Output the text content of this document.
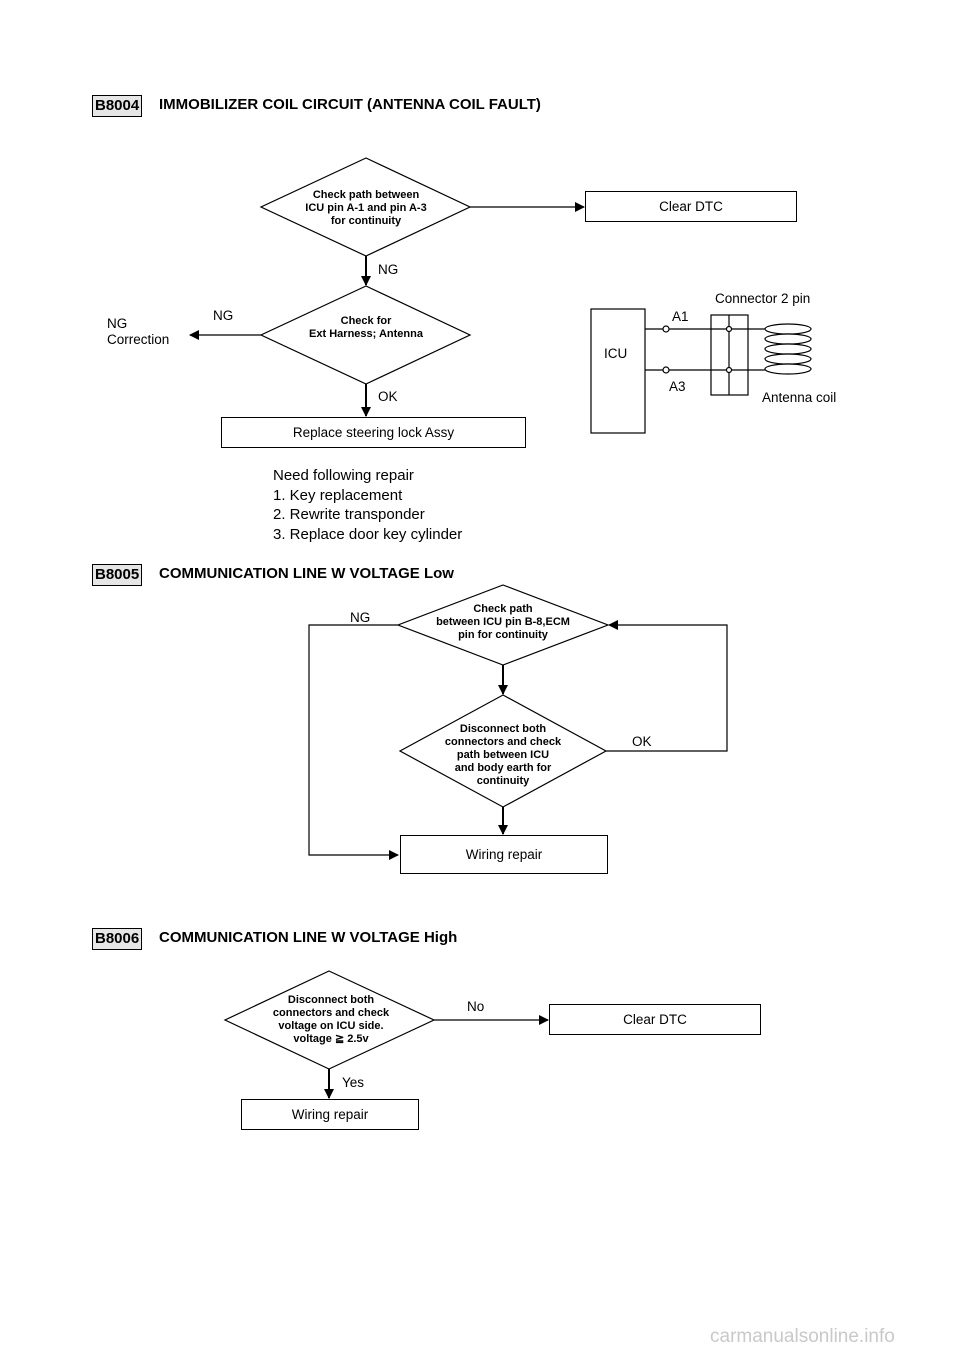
B8004 IMMOBILIZER COIL CIRCUIT (ANTENNA COIL FAULT)
Check path between
ICU pin A-1 and pin A-3
for continuity
Clear DTC
NG
Check for
Ext Harness; Antenna
NG
NG
Correction
OK
Replace steering lock Assy
Connector 2 pin
ICU
A1
A3
Antenna coil
Need following repair
1. Key replacement
2. Rewrite transponder
3. Replace door key cylinder
B8005 COMMUNICATION LINE W VOLTAGE Low
Check path
between ICU pin B-8,ECM
pin for continuity
NG
Disconnect both
connectors and check
path between ICU
and body earth for
continuity
OK
Wiring repair
B8006 COMMUNICATION LINE W VOLTAGE High
Disconnect both
connectors and check
voltage on ICU side.
voltage ≧ 2.5v
No
Clear DTC
Yes
Wiring repair
carmanualsonline.info
